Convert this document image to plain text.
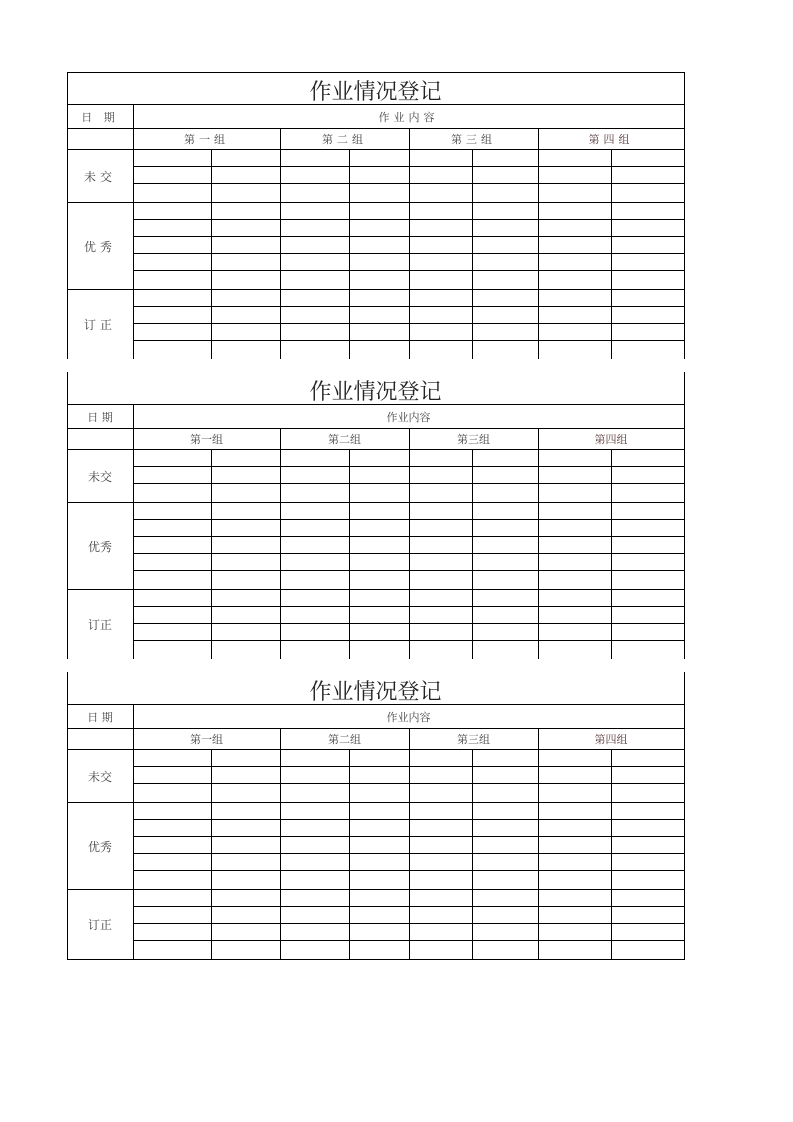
作业情况登记
日 期	作业内容
第一组	第二组	第三组	第四组
未交
优秀
订正
作业情况登记
日 期	作业内容
第一组	第二组	第三组	第四组
未交
优秀
订正
作业情况登记
日 期	作业内容
第一组	第二组	第三组	第四组
未交
优秀
订正
